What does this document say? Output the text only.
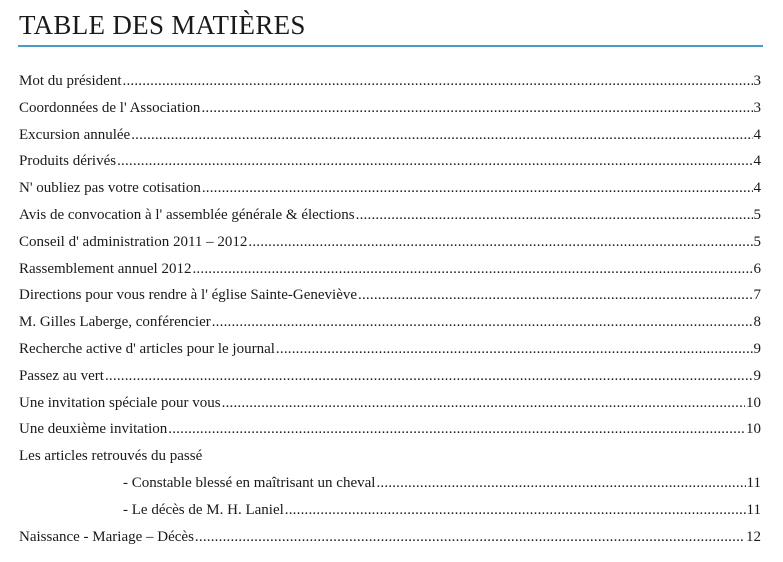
TABLE DES MATIÈRES
Mot du président .....	3
Coordonnées de l' Association .....	3
Excursion annulée .....	4
Produits dérivés .....	4
N' oubliez pas votre cotisation .....	4
Avis de convocation à l' assemblée générale & élections .....	5
Conseil d' administration 2011 – 2012 .....	5
Rassemblement annuel 2012 .....	6
Directions pour vous rendre à l' église Sainte-Geneviève .....	7
M. Gilles Laberge, conférencier .....	8
Recherche active d' articles pour le journal .....	9
Passez au vert .....	9
Une invitation spéciale pour vous .....	10
Une deuxième invitation .....	10
Les articles retrouvés du passé
- Constable blessé en maîtrisant un cheval .....	11
- Le décès de M. H. Laniel .....	11
Naissance - Mariage – Décès .....	12
